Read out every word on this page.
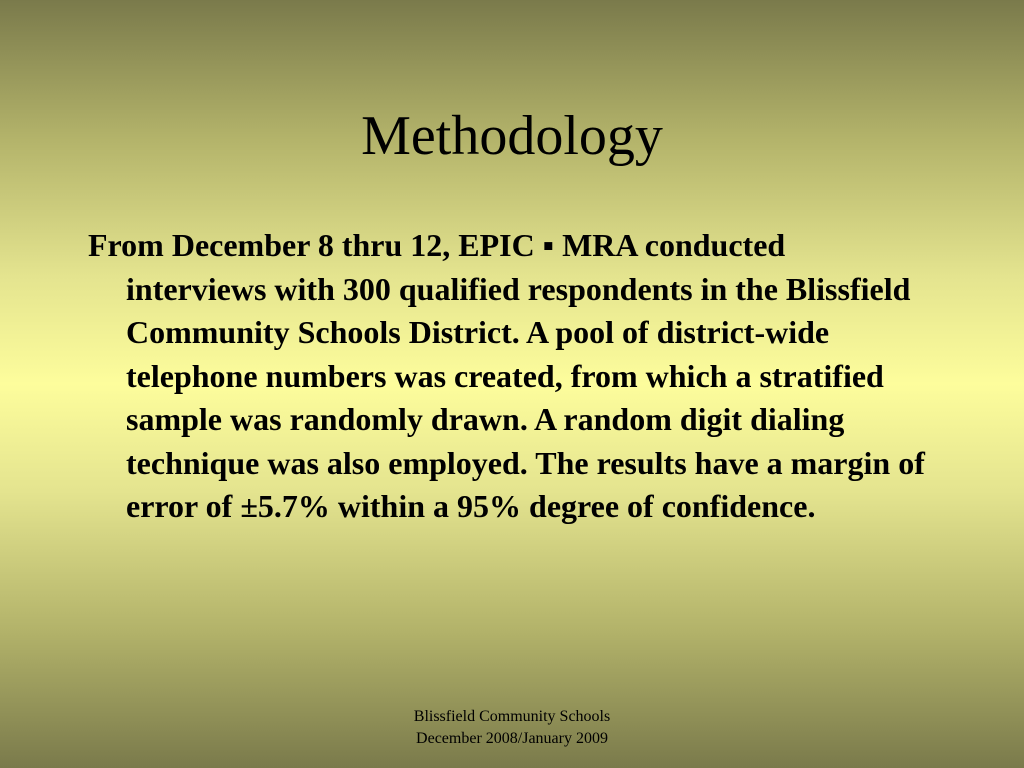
Methodology

From December 8 thru 12, EPIC ▪ MRA conducted interviews with 300 qualified respondents in the Blissfield Community Schools District. A pool of district-wide telephone numbers was created, from which a stratified sample was randomly drawn. A random digit dialing technique was also employed. The results have a margin of error of ±5.7% within a 95% degree of confidence.

Blissfield Community Schools
December 2008/January 2009
